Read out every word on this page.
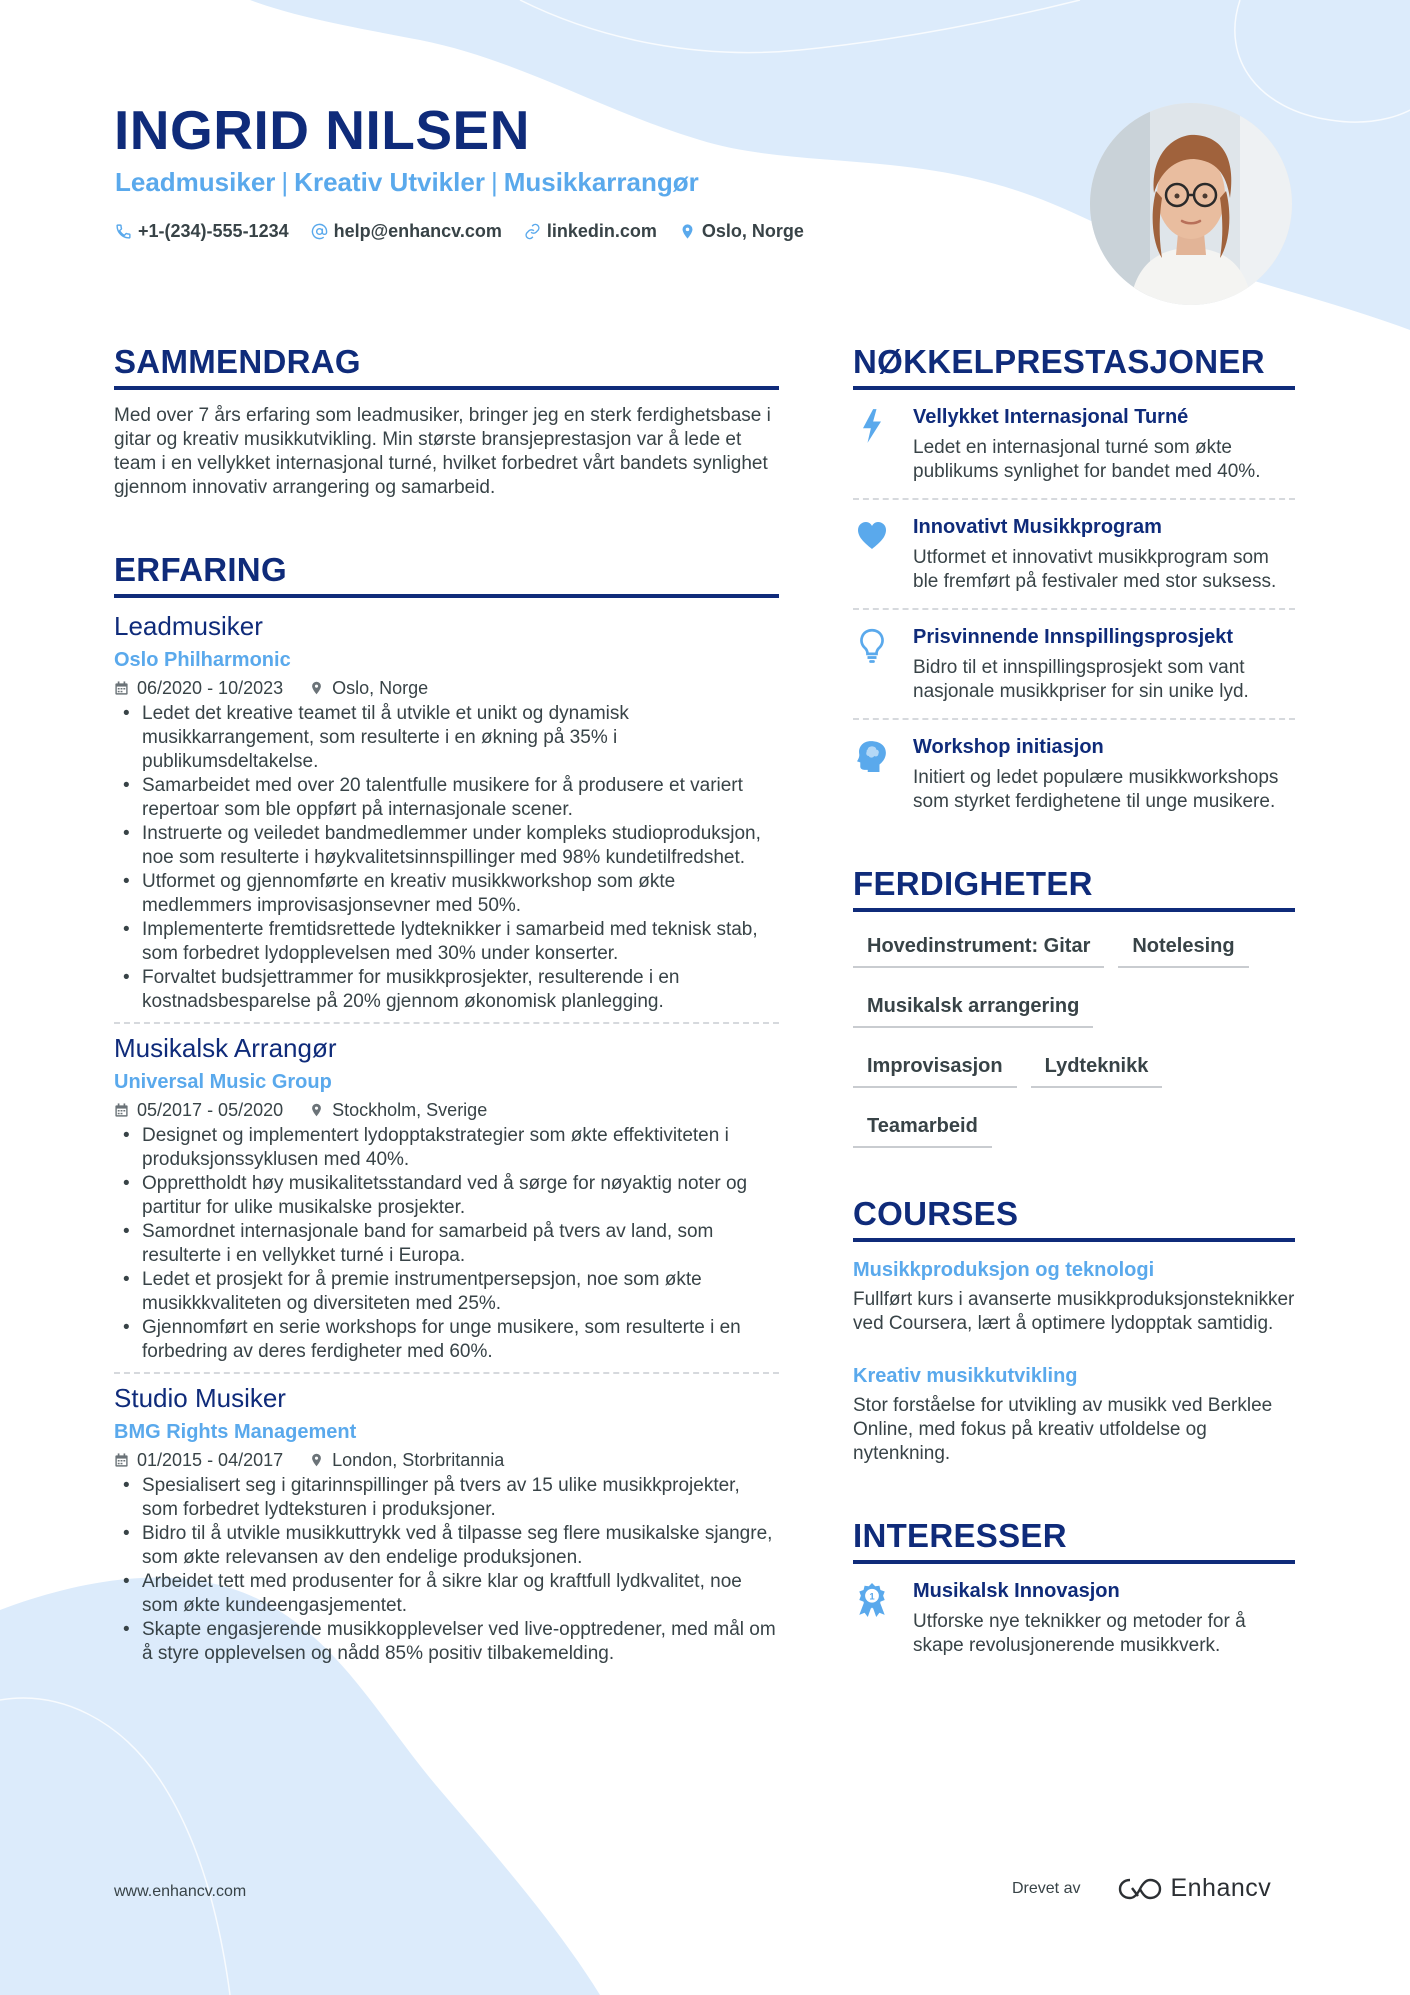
INGRID NILSEN
Leadmusiker | Kreativ Utvikler | Musikkarrangør
+1-(234)-555-1234	help@enhancv.com	linkedin.com	Oslo, Norge
SAMMENDRAG

Med over 7 års erfaring som leadmusiker, bringer jeg en sterk ferdighetsbase i gitar og kreativ musikkutvikling. Min største bransjeprestasjon var å lede et team i en vellykket internasjonal turné, hvilket forbedret vårt bandets synlighet gjennom innovativ arrangering og samarbeid.

ERFARING
Leadmusiker
Oslo Philharmonic
06/2020 - 10/2023	Oslo, Norge
• Ledet det kreative teamet til å utvikle et unikt og dynamisk musikkarrangement, som resulterte i en økning på 35% i publikumsdeltakelse.
• Samarbeidet med over 20 talentfulle musikere for å produsere et variert repertoar som ble oppført på internasjonale scener.
• Instruerte og veiledet bandmedlemmer under kompleks studioproduksjon, noe som resulterte i høykvalitetsinnspillinger med 98% kundetilfredshet.
• Utformet og gjennomførte en kreativ musikkworkshop som økte medlemmers improvisasjonsevner med 50%.
• Implementerte fremtidsrettede lydteknikker i samarbeid med teknisk stab, som forbedret lydopplevelsen med 30% under konserter.
• Forvaltet budsjettrammer for musikkprosjekter, resulterende i en kostnadsbesparelse på 20% gjennom økonomisk planlegging.
Musikalsk Arrangør
Universal Music Group
05/2017 - 05/2020	Stockholm, Sverige
• Designet og implementert lydopptakstrategier som økte effektiviteten i produksjonssyklusen med 40%.
• Opprettholdt høy musikalitetsstandard ved å sørge for nøyaktig noter og partitur for ulike musikalske prosjekter.
• Samordnet internasjonale band for samarbeid på tvers av land, som resulterte i en vellykket turné i Europa.
• Ledet et prosjekt for å premie instrumentpersepsjon, noe som økte musikkkvaliteten og diversiteten med 25%.
• Gjennomført en serie workshops for unge musikere, som resulterte i en forbedring av deres ferdigheter med 60%.
Studio Musiker
BMG Rights Management
01/2015 - 04/2017	London, Storbritannia
• Spesialisert seg i gitarinnspillinger på tvers av 15 ulike musikkprojekter, som forbedret lydteksturen i produksjoner.
• Bidro til å utvikle musikkuttrykk ved å tilpasse seg flere musikalske sjangre, som økte relevansen av den endelige produksjonen.
• Arbeidet tett med produsenter for å sikre klar og kraftfull lydkvalitet, noe som økte kundeengasjementet.
• Skapte engasjerende musikkopplevelser ved live-opptredener, med mål om å styre opplevelsen og nådd 85% positiv tilbakemelding.
NØKKELPRESTASJONER
Vellykket Internasjonal Turné
Ledet en internasjonal turné som økte publikums synlighet for bandet med 40%.
Innovativt Musikkprogram
Utformet et innovativt musikkprogram som ble fremført på festivaler med stor suksess.
Prisvinnende Innspillingsprosjekt
Bidro til et innspillingsprosjekt som vant nasjonale musikkpriser for sin unike lyd.
Workshop initiasjon
Initiert og ledet populære musikkworkshops som styrket ferdighetene til unge musikere.
FERDIGHETER
Hovedinstrument: Gitar	Notelesing
Musikalsk arrangering
Improvisasjon	Lydteknikk
Teamarbeid
COURSES
Musikkproduksjon og teknologi
Fullført kurs i avanserte musikkproduksjonsteknikker ved Coursera, lært å optimere lydopptak samtidig.
Kreativ musikkutvikling
Stor forståelse for utvikling av musikk ved Berklee Online, med fokus på kreativ utfoldelse og nytenkning.
INTERESSER
1 Musikalsk Innovasjon
Utforske nye teknikker og metoder for å skape revolusjonerende musikkverk.
www.enhancv.com	Drevet av	Enhancv
